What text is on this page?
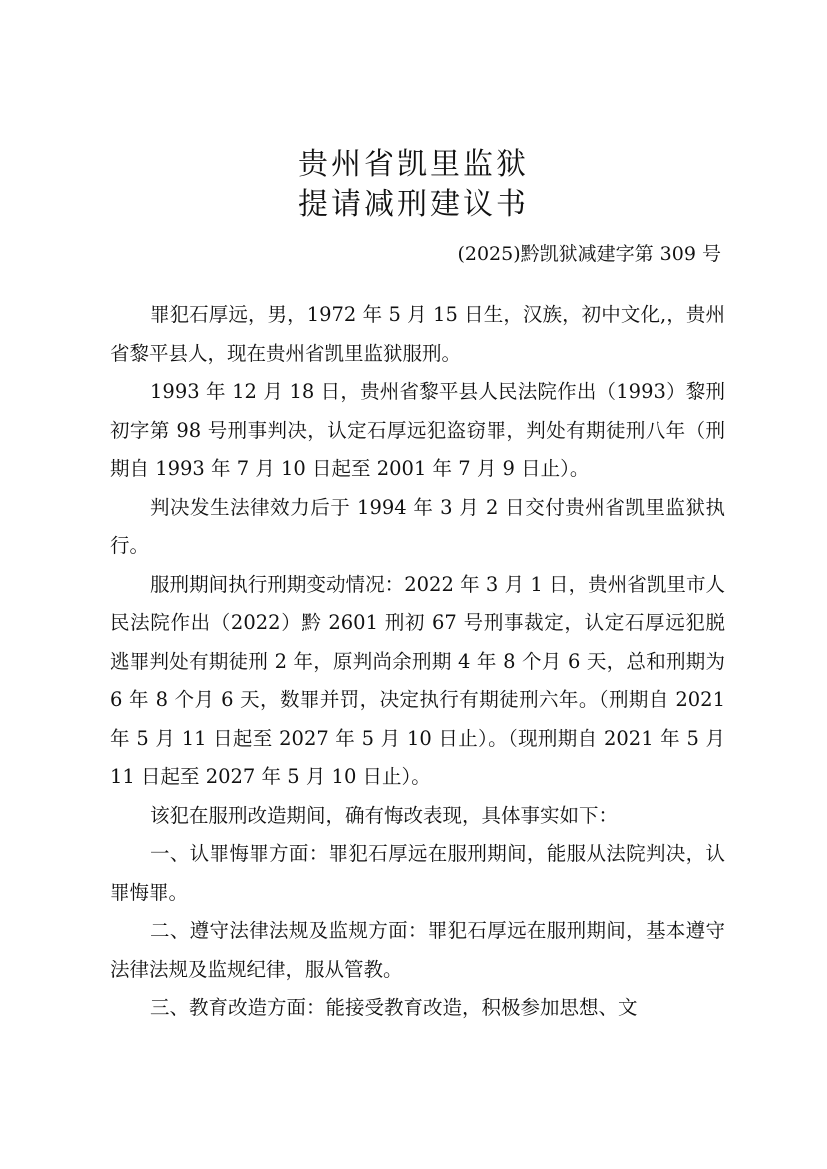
贵州省凯里监狱
提请减刑建议书
(2025)黔凯狱减建字第 309 号

罪犯石厚远，男，1972 年 5 月 15 日生，汉族，初中文化,，贵州省黎平县人，现在贵州省凯里监狱服刑。

1993 年 12 月 18 日，贵州省黎平县人民法院作出（1993）黎刑初字第 98 号刑事判决，认定石厚远犯盗窃罪，判处有期徒刑八年（刑期自 1993 年 7 月 10 日起至 2001 年 7 月 9 日止）。

判决发生法律效力后于 1994 年 3 月 2 日交付贵州省凯里监狱执行。

服刑期间执行刑期变动情况：2022 年 3 月 1 日，贵州省凯里市人民法院作出（2022）黔 2601 刑初 67 号刑事裁定，认定石厚远犯脱逃罪判处有期徒刑 2 年，原判尚余刑期 4 年 8 个月 6 天，总和刑期为 6 年 8 个月 6 天，数罪并罚，决定执行有期徒刑六年。（刑期自 2021 年 5 月 11 日起至 2027 年 5 月 10 日止）。（现刑期自 2021 年 5 月 11 日起至 2027 年 5 月 10 日止）。

该犯在服刑改造期间，确有悔改表现，具体事实如下：

一、认罪悔罪方面：罪犯石厚远在服刑期间，能服从法院判决，认罪悔罪。

二、遵守法律法规及监规方面：罪犯石厚远在服刑期间，基本遵守法律法规及监规纪律，服从管教。

三、教育改造方面：能接受教育改造，积极参加思想、文
